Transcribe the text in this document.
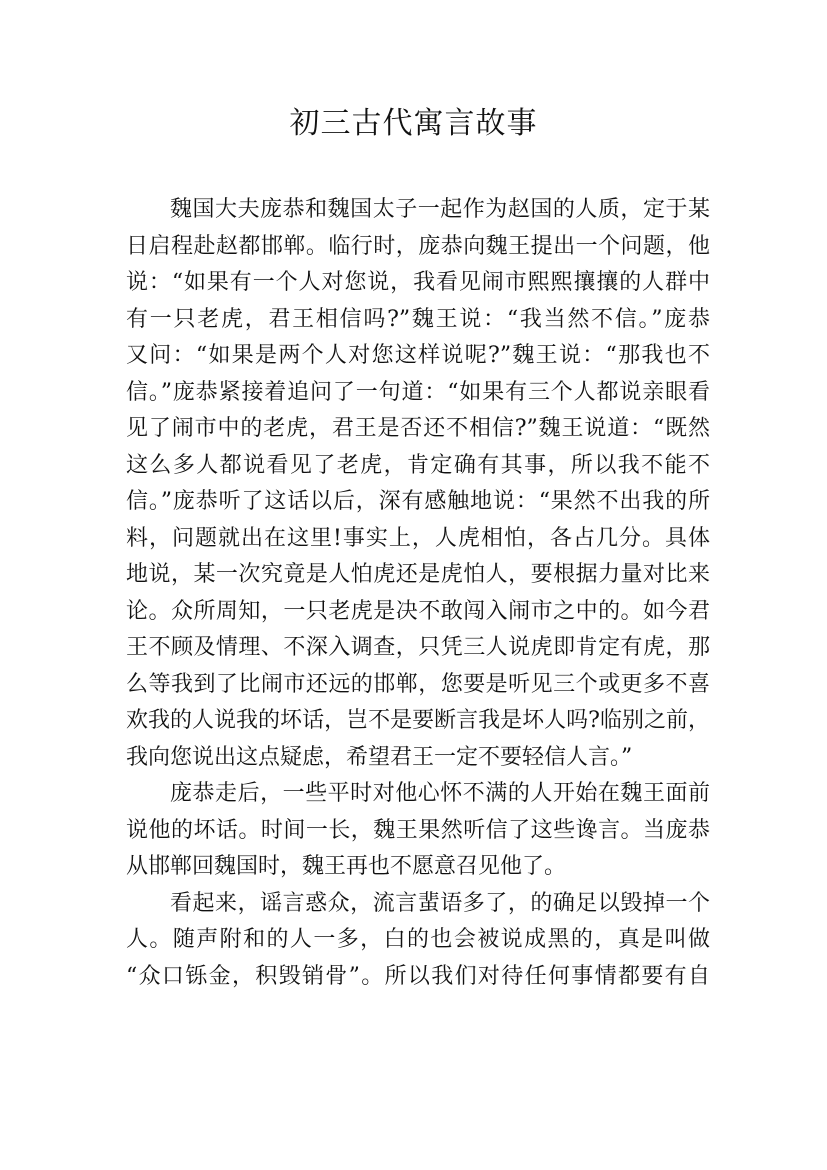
初三古代寓言故事
魏国大夫庞恭和魏国太子一起作为赵国的人质，定于某
日启程赴赵都邯郸。临行时，庞恭向魏王提出一个问题，他
说：“如果有一个人对您说，我看见闹市熙熙攘攘的人群中
有一只老虎，君王相信吗?”魏王说：“我当然不信。”庞恭
又问：“如果是两个人对您这样说呢?”魏王说：“那我也不
信。”庞恭紧接着追问了一句道：“如果有三个人都说亲眼看
见了闹市中的老虎，君王是否还不相信?”魏王说道：“既然
这么多人都说看见了老虎，肯定确有其事，所以我不能不
信。”庞恭听了这话以后，深有感触地说：“果然不出我的所
料，问题就出在这里!事实上，人虎相怕，各占几分。具体
地说，某一次究竟是人怕虎还是虎怕人，要根据力量对比来
论。众所周知，一只老虎是决不敢闯入闹市之中的。如今君
王不顾及情理、不深入调查，只凭三人说虎即肯定有虎，那
么等我到了比闹市还远的邯郸，您要是听见三个或更多不喜
欢我的人说我的坏话，岂不是要断言我是坏人吗?临别之前，
我向您说出这点疑虑，希望君王一定不要轻信人言。”
庞恭走后，一些平时对他心怀不满的人开始在魏王面前
说他的坏话。时间一长，魏王果然听信了这些谗言。当庞恭
从邯郸回魏国时，魏王再也不愿意召见他了。
看起来，谣言惑众，流言蜚语多了，的确足以毁掉一个
人。随声附和的人一多，白的也会被说成黑的，真是叫做
“众口铄金，积毁销骨”。所以我们对待任何事情都要有自
